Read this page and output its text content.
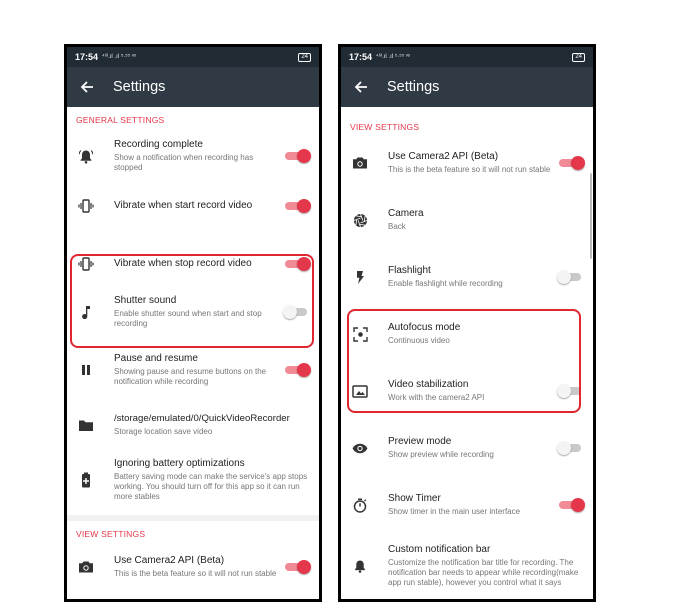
17:54 ⁴⁶ᴵ.ıl .ıl ⁵·⁵⁵ ᵛᵒ	24
Settings
GENERAL SETTINGS
Recording complete
Show a notification when recording has stopped
Vibrate when start record video
Vibrate when stop record video
Shutter sound
Enable shutter sound when start and stop recording
Pause and resume
Showing pause and resume buttons on the notification while recording
/storage/emulated/0/QuickVideoRecorder
Storage location save video
Ignoring battery optimizations
Battery saving mode can make the service's app stops working. You should turn off for this app so it can run more stables
VIEW SETTINGS
Use Camera2 API (Beta)
This is the beta feature so it will not run stable
17:54 ⁴⁶ᴵ.ıl .ıl ⁵·⁵⁵ ᵛᵒ	24
Settings
VIEW SETTINGS
Use Camera2 API (Beta)
This is the beta feature so it will not run stable
Camera
Back
Flashlight
Enable flashlight while recording
Autofocus mode
Continuous video
Video stabilization
Work with the camera2 API
Preview mode
Show preview while recording
Show Timer
Show timer in the main user interface
Custom notification bar
Customize the notification bar title for recording. The notification bar needs to appear while recording(make app run stable), however you control what it says
